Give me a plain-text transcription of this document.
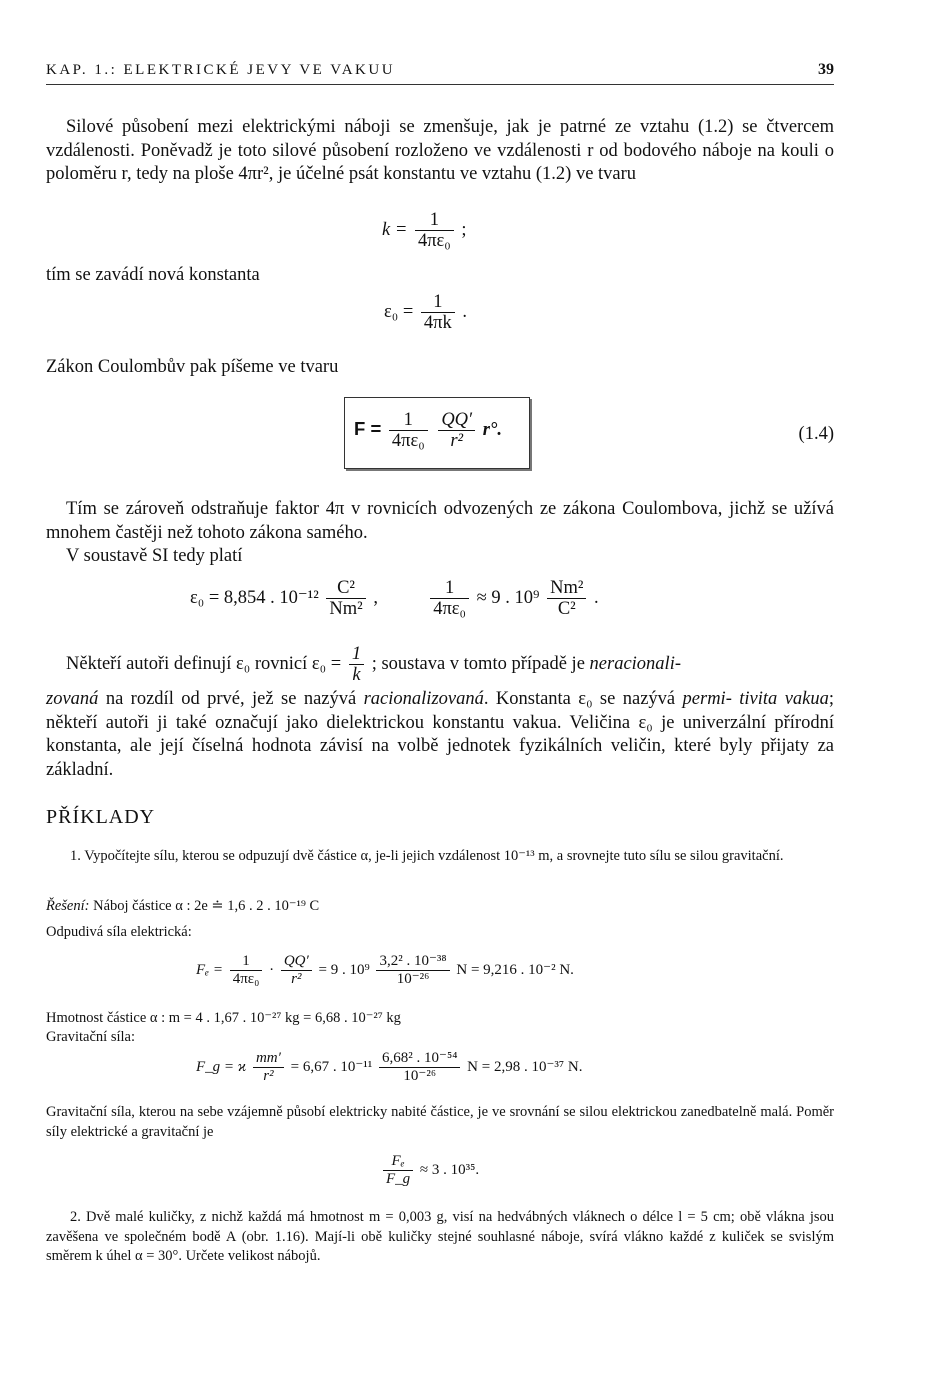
KAP. 1.: ELEKTRICKÉ JEVY VE VAKUU	39

Silové působení mezi elektrickými náboji se zmenšuje, jak je patrné ze vztahu (1.2) se čtvercem vzdálenosti. Poněvadž je toto silové působení rozloženo ve vzdálenosti r od bodového náboje na kouli o poloměru r, tedy na ploše 4πr², je účelné psát konstantu ve vztahu (1.2) ve tvaru

$k = \frac{1}{\text{4πε₀}}$ ;

tím se zavádí nová konstanta

$\varepsilon_0 = \frac{1}{4\pi k}$ .

Zákon Coulombův pak píšeme ve tvaru

$F = \frac{1}{\text{4πε₀}}$
$\frac{QQ'}{\text{r²}} r^\circ$.	(1.4)

Tím se zároveň odstraňuje faktor 4π v rovnicích odvozených ze zákona Coulombova, jichž se užívá mnohem častěji než tohoto zákona samého.

V soustavě SI tedy platí

ε₀ = 8,854 . $10^{-12} \frac{\text{C²}}{\text{Nm²}}$ ,	$\frac{1}{\text{4πε₀}} \approx 9$ . $10^9 \frac{\text{Nm²}}{\text{C²}}$ .
Někteří autoři definují ε₀ rovnicí $\varepsilon_0 = \frac{1}{k}$ ; soustava v tomto případě je neracionali-

zovaná na rozdíl od prvé, jež se nazývá racionalizovaná. Konstanta ε₀ se nazývá permi- tivita vakua; někteří autoři ji také označují jako dielektrickou konstantu vakua. Veličina ε₀ je univerzální přírodní konstanta, ale její číselná hodnota závisí na volbě jednotek fyzikálních veličin, které byly přijaty za základní.

PŘÍKLADY

1. Vypočítejte sílu, kterou se odpuzují dvě částice α, je-li jejich vzdálenost 10⁻¹³ m, a srovnejte tuto sílu se silou gravitační.

Řešení: Náboj částice α : 2e ≐ 1,6 . 2 . 10⁻¹⁹ C

Odpudivá síla elektrická:

$F_e = \frac{1}{\text{4πε₀}} \cdot \frac{QQ'}{\text{r²}} = 9$ . $10^9 \frac{\text{3,2² . 10⁻³⁸}}{\text{10⁻²⁶}}$ N = 9,216 . 10⁻² N.

Hmotnost částice α : m = 4 . 1,67 . 10⁻²⁷ kg = 6,68 . 10⁻²⁷ kg

Gravitační síla:

F_g = ϰ $\frac{mm'}{\text{r²}} = 6,67$ . $10^{-11} \frac{\text{6,68² . 10⁻⁵⁴}}{\text{10⁻²⁶}}$ N = 2,98 . 10⁻³⁷ N.

Gravitační síla, kterou na sebe vzájemně působí elektricky nabité částice, je ve srovnání se silou elektrickou zanedbatelně malá. Poměr síly elektrické a gravitační je

$\frac{\text{Fₑ}}{F\_g} \approx 3$ . 10³⁵.

2. Dvě malé kuličky, z nichž každá má hmotnost m = 0,003 g, visí na hedvábných vláknech o délce l = 5 cm; obě vlákna jsou zavěšena ve společném bodě A (obr. 1.16). Mají-li obě kuličky stejné souhlasné náboje, svírá vlákno každé z kuliček se svislým směrem k úhel α = 30°. Určete velikost nábojů.
